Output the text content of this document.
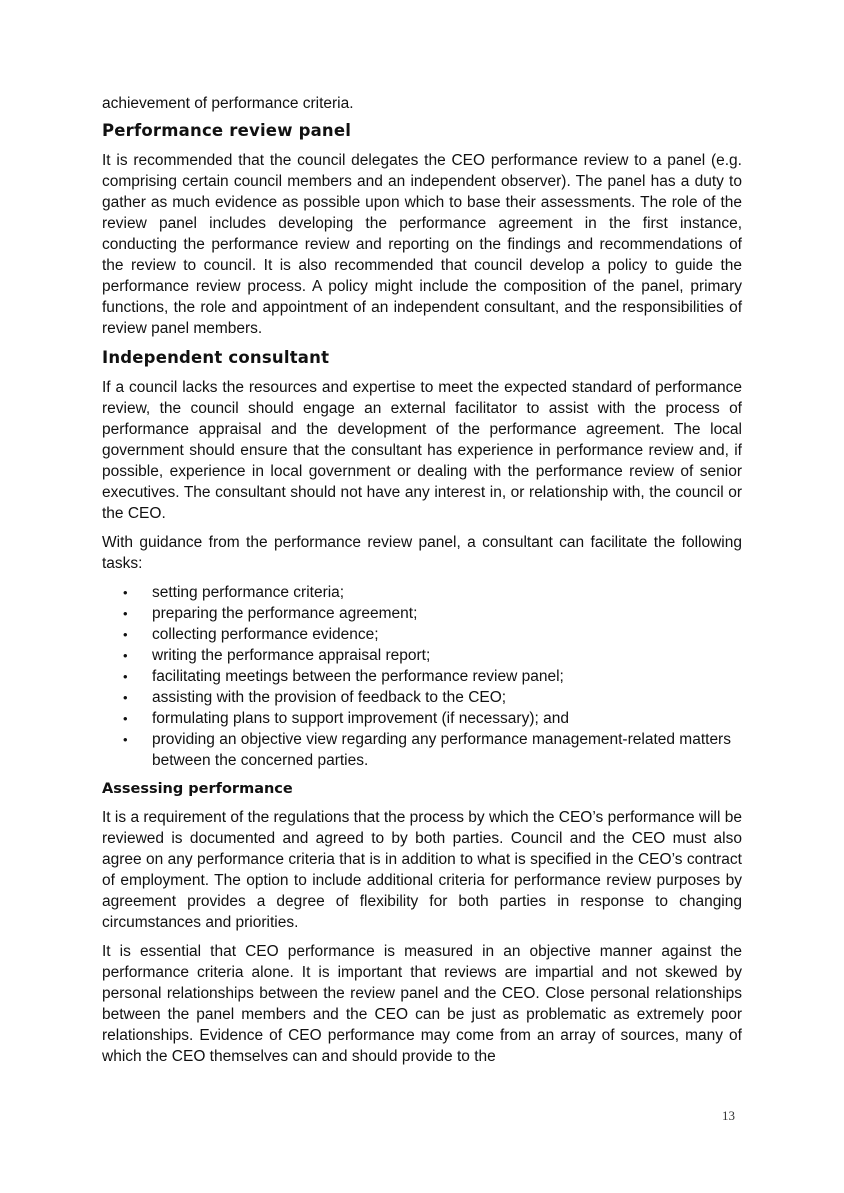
achievement of performance criteria.
Performance review panel

It is recommended that the council delegates the CEO performance review to a panel (e.g. comprising certain council members and an independent observer). The panel has a duty to gather as much evidence as possible upon which to base their assessments. The role of the review panel includes developing the performance agreement in the first instance, conducting the performance review and reporting on the findings and recommendations of the review to council. It is also recommended that council develop a policy to guide the performance review process. A policy might include the composition of the panel, primary functions, the role and appointment of an independent consultant, and the responsibilities of review panel members.

Independent consultant

If a council lacks the resources and expertise to meet the expected standard of performance review, the council should engage an external facilitator to assist with the process of performance appraisal and the development of the performance agreement. The local government should ensure that the consultant has experience in performance review and, if possible, experience in local government or dealing with the performance review of senior executives. The consultant should not have any interest in, or relationship with, the council or the CEO.

With guidance from the performance review panel, a consultant can facilitate the following tasks:

• setting performance criteria;
• preparing the performance agreement;
• collecting performance evidence;
• writing the performance appraisal report;
• facilitating meetings between the performance review panel;
• assisting with the provision of feedback to the CEO;
• formulating plans to support improvement (if necessary); and
• providing an objective view regarding any performance management-related matters between the concerned parties.
Assessing performance

It is a requirement of the regulations that the process by which the CEO’s performance will be reviewed is documented and agreed to by both parties. Council and the CEO must also agree on any performance criteria that is in addition to what is specified in the CEO’s contract of employment. The option to include additional criteria for performance review purposes by agreement provides a degree of flexibility for both parties in response to changing circumstances and priorities.

It is essential that CEO performance is measured in an objective manner against the performance criteria alone. It is important that reviews are impartial and not skewed by personal relationships between the review panel and the CEO. Close personal relationships between the panel members and the CEO can be just as problematic as extremely poor relationships. Evidence of CEO performance may come from an array of sources, many of which the CEO themselves can and should provide to the

13
